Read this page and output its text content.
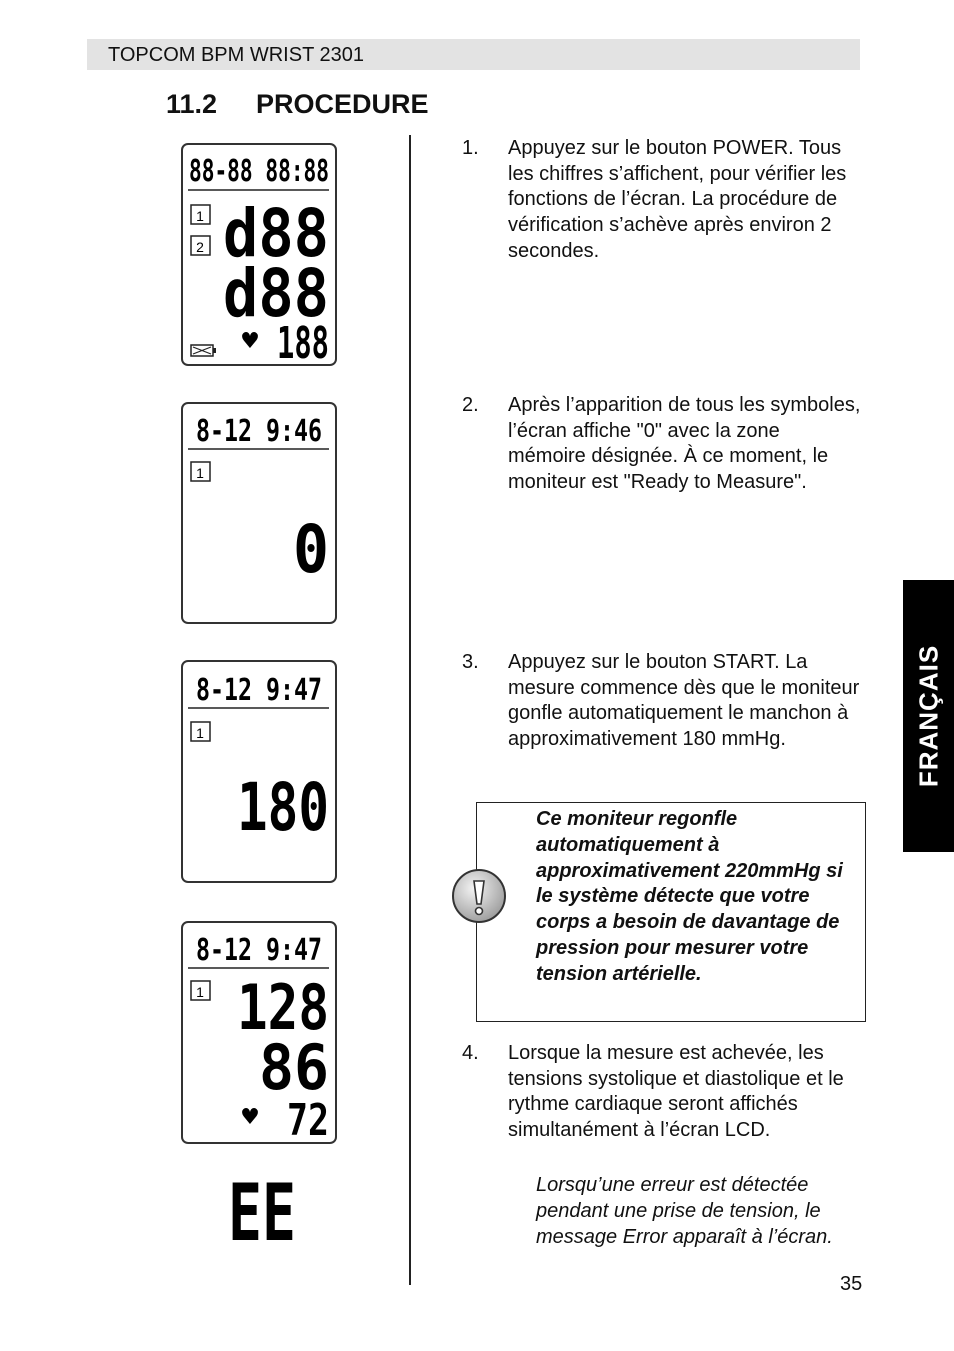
TOPCOM BPM WRIST 2301
11.2 PROCEDURE
88-88 88:88
1
2 d88
d88
♥ 188
8-12 9:46
1
0
8-12 9:47
1
180
8-12 9:47
1 128
86
♥ 72
EE
1. Appuyez sur le bouton POWER. Tous les chiffres s’affichent, pour vérifier les fonctions de l’écran. La procédure de vérification s’achève après environ 2 secondes.
2. Après l’apparition de tous les symboles, l’écran affiche "0" avec la zone mémoire désignée. À ce moment, le moniteur est "Ready to Measure".
3. Appuyez sur le bouton START. La mesure commence dès que le moniteur gonfle automatiquement le manchon à approximativement 180 mmHg.
Ce moniteur regonfle automatiquement à approximativement 220mmHg si le système détecte que votre corps a besoin de davantage de pression pour mesurer votre tension artérielle.
4. Lorsque la mesure est achevée, les tensions systolique et diastolique et le rythme cardiaque seront affichés simultanément à l’écran LCD.
Lorsqu’une erreur est détectée pendant une prise de tension, le message Error apparaît à l’écran.
FRANÇAIS
35
